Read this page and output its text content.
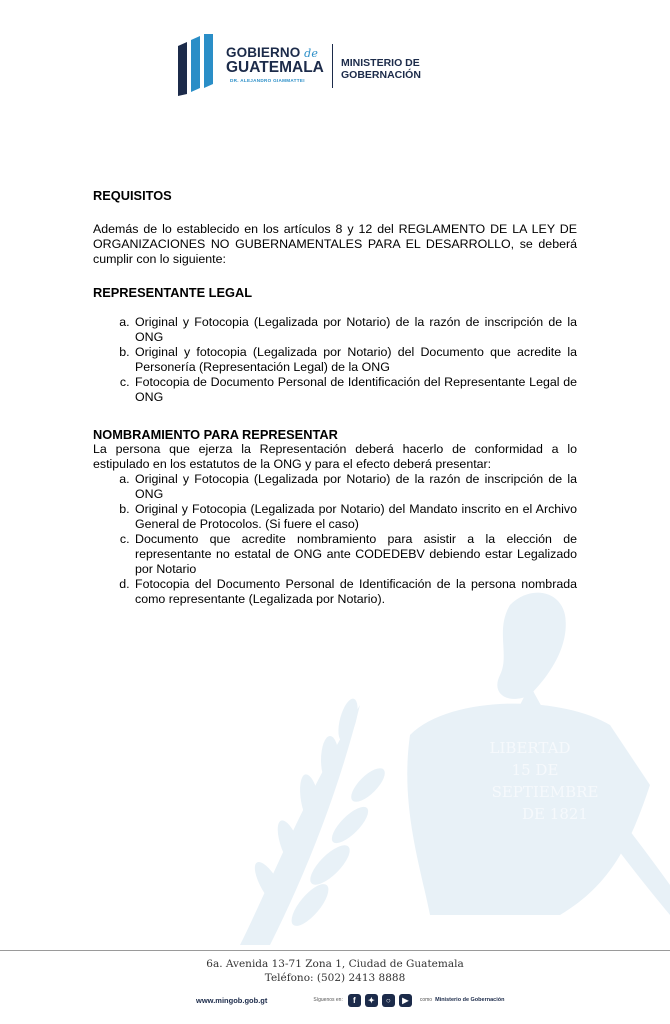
GOBIERNO de
GUATEMALA
DR. ALEJANDRO GIAMMATTEI
MINISTERIO DE
GOBERNACIÓN
LIBERTAD
15 DE
SEPTIEMBRE
DE 1821

REQUISITOS

Además de lo establecido en los artículos 8 y 12 del REGLAMENTO DE LA LEY DE ORGANIZACIONES NO GUBERNAMENTALES PARA EL DESARROLLO, se deberá cumplir con lo siguiente:

REPRESENTANTE LEGAL

a. Original y Fotocopia (Legalizada por Notario) de la razón de inscripción de la ONG
b. Original y fotocopia (Legalizada por Notario) del Documento que acredite la Personería (Representación Legal) de la ONG
c. Fotocopia de Documento Personal de Identificación del Representante Legal de ONG

NOMBRAMIENTO PARA REPRESENTAR

La persona que ejerza la Representación deberá hacerlo de conformidad a lo estipulado en los estatutos de la ONG y para el efecto deberá presentar:

a. Original y Fotocopia (Legalizada por Notario) de la razón de inscripción de la ONG
b. Original y Fotocopia (Legalizada por Notario) del Mandato inscrito en el Archivo General de Protocolos. (Si fuere el caso)
c. Documento que acredite nombramiento para asistir a la elección de representante no estatal de ONG ante CODEDEBV debiendo estar Legalizado por Notario
d. Fotocopia del Documento Personal de Identificación de la persona nombrada como representante (Legalizada por Notario).
6a. Avenida 13-71 Zona 1, Ciudad de Guatemala
Teléfono: (502) 2413 8888
www.mingob.gob.gt	Síguenos en:	f	✦	○	▶	como Ministerio de Gobernación
